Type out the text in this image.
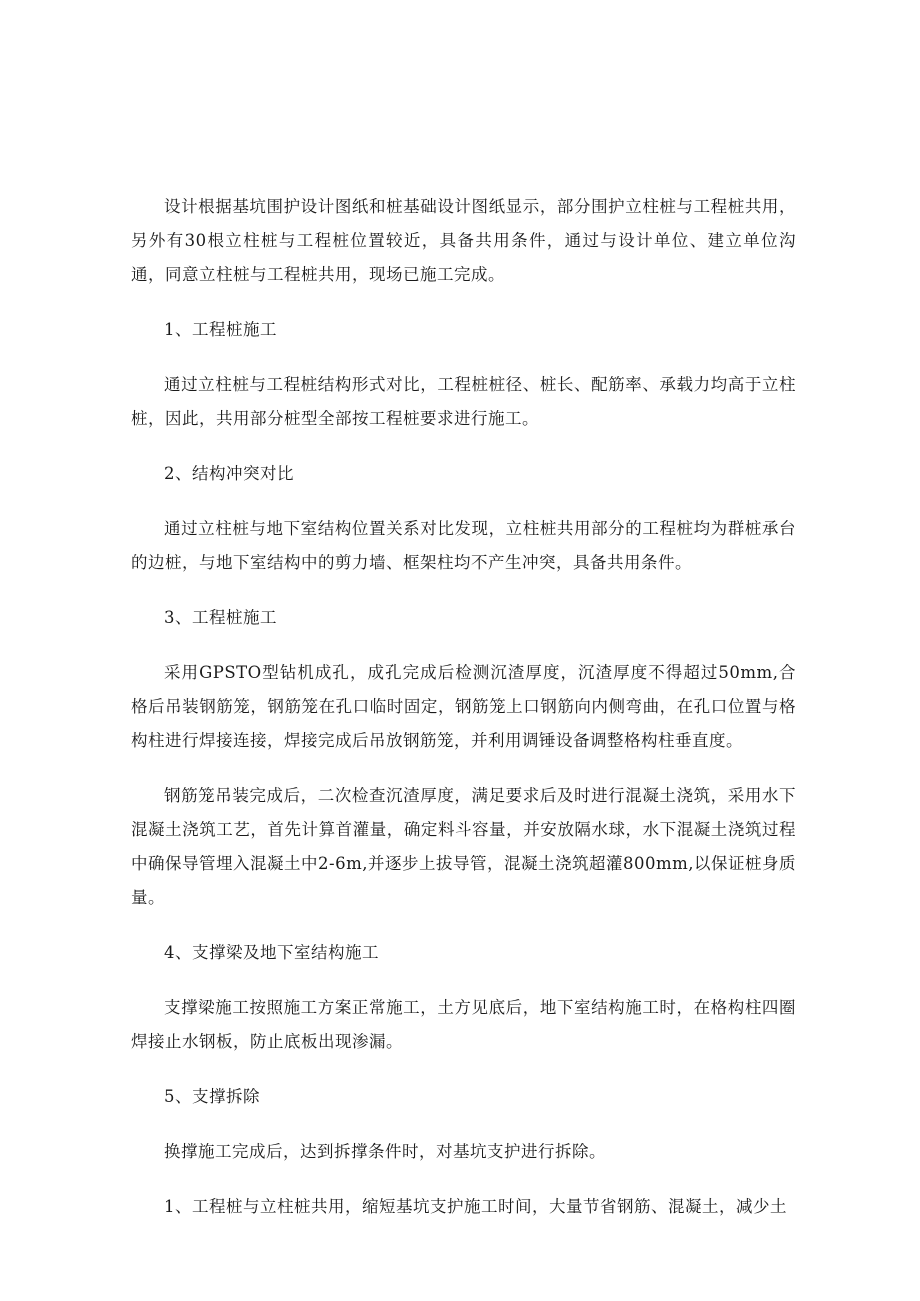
设计根据基坑围护设计图纸和桩基础设计图纸显示，部分围护立柱桩与工程桩共用，另外有30根立柱桩与工程桩位置较近，具备共用条件，通过与设计单位、建立单位沟通，同意立柱桩与工程桩共用，现场已施工完成。

1、工程桩施工

通过立柱桩与工程桩结构形式对比，工程桩桩径、桩长、配筋率、承载力均高于立柱桩，因此，共用部分桩型全部按工程桩要求进行施工。

2、结构冲突对比

通过立柱桩与地下室结构位置关系对比发现，立柱桩共用部分的工程桩均为群桩承台的边桩，与地下室结构中的剪力墙、框架柱均不产生冲突，具备共用条件。

3、工程桩施工

采用GPSTO型钻机成孔，成孔完成后检测沉渣厚度，沉渣厚度不得超过50mm,合格后吊装钢筋笼，钢筋笼在孔口临时固定，钢筋笼上口钢筋向内侧弯曲，在孔口位置与格构柱进行焊接连接，焊接完成后吊放钢筋笼，并利用调锤设备调整格构柱垂直度。

钢筋笼吊装完成后，二次检查沉渣厚度，满足要求后及时进行混凝土浇筑，采用水下混凝土浇筑工艺，首先计算首灌量，确定料斗容量，并安放隔水球，水下混凝土浇筑过程中确保导管埋入混凝土中2-6m,并逐步上拔导管，混凝土浇筑超灌800mm,以保证桩身质量。

4、支撑梁及地下室结构施工

支撑梁施工按照施工方案正常施工，土方见底后，地下室结构施工时，在格构柱四圈焊接止水钢板，防止底板出现渗漏。

5、支撑拆除

换撑施工完成后，达到拆撑条件时，对基坑支护进行拆除。

1、工程桩与立柱桩共用，缩短基坑支护施工时间，大量节省钢筋、混凝土，减少土
